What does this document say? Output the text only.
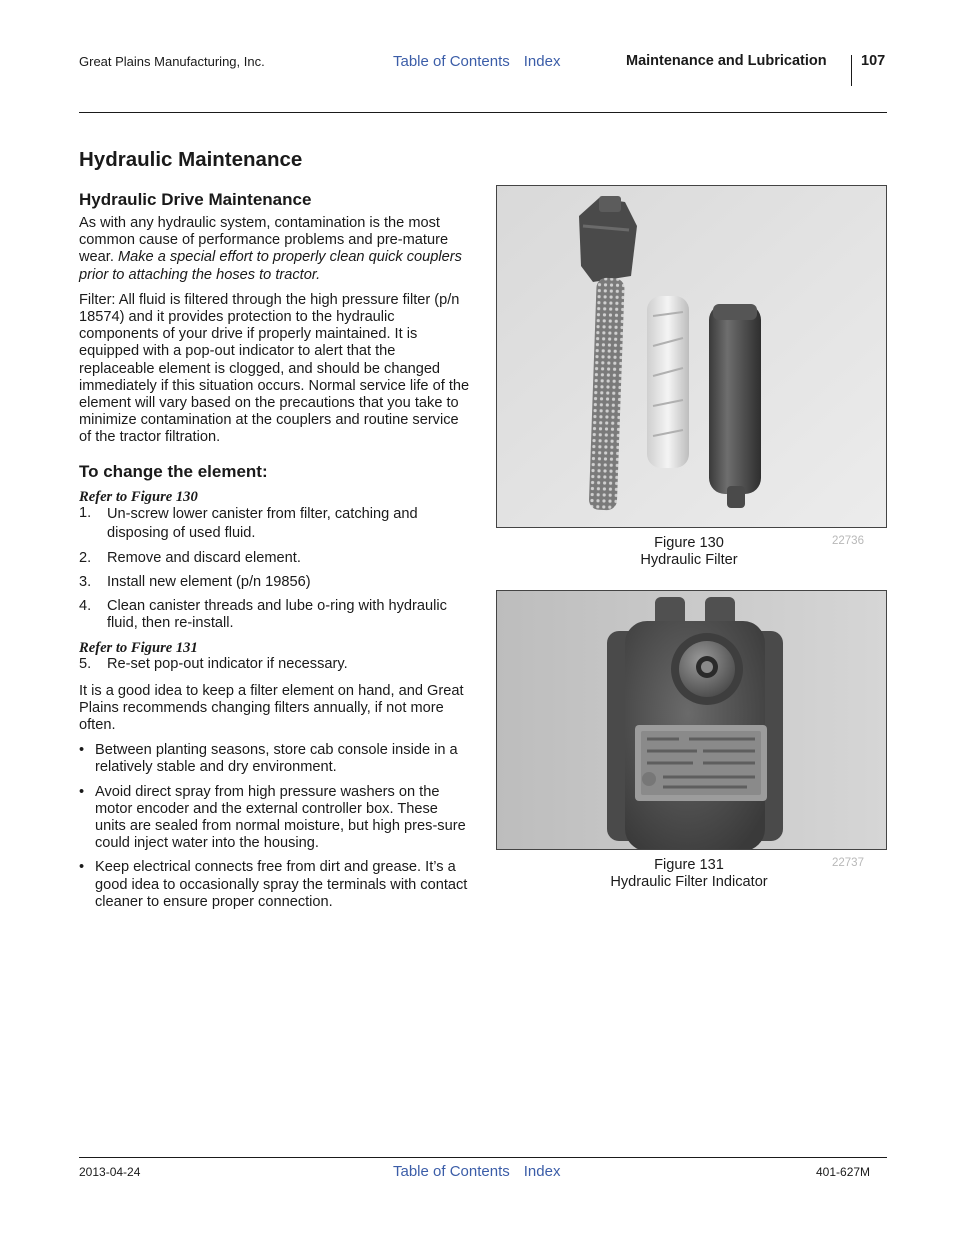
Great Plains Manufacturing, Inc.	Table of Contents Index	Maintenance and Lubrication 107
Hydraulic Maintenance
Hydraulic Drive Maintenance

As with any hydraulic system, contamination is the most common cause of performance problems and pre-mature wear. Make a special effort to properly clean quick couplers prior to attaching the hoses to tractor.

Filter: All fluid is filtered through the high pressure filter (p/n 18574) and it provides protection to the hydraulic components of your drive if properly maintained. It is equipped with a pop-out indicator to alert that the replaceable element is clogged, and should be changed immediately if this situation occurs. Normal service life of the element will vary based on the precautions that you take to minimize contamination at the couplers and routine service of the tractor filtration.

To change the element:
Refer to Figure 130
1.	Un-screw lower canister from filter, catching and disposing of used fluid.
2.	Remove and discard element.
3.	Install new element (p/n 19856)
4.	Clean canister threads and lube o-ring with hydraulic fluid, then re-install.
Refer to Figure 131
5.	Re-set pop-out indicator if necessary.

It is a good idea to keep a filter element on hand, and Great Plains recommends changing filters annually, if not more often.

• Between planting seasons, store cab console inside in a relatively stable and dry environment.
• Avoid direct spray from high pressure washers on the motor encoder and the external controller box. These units are sealed from normal moisture, but high pres-sure could inject water into the housing.
• Keep electrical connects free from dirt and grease. It’s a good idea to occasionally spray the terminals with contact cleaner to ensure proper connection.
Figure 130
Hydraulic Filter
22736
Figure 131
Hydraulic Filter Indicator
22737
2013-04-24	Table of Contents Index	401-627M
